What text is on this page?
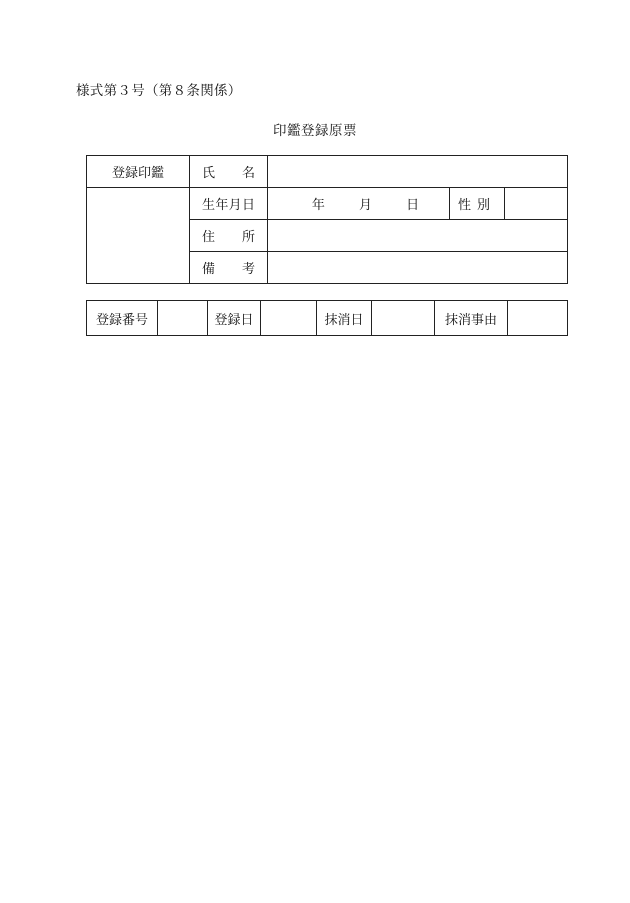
様式第３号（第８条関係）
印鑑登録原票
登録印鑑	氏　名			
	生年月日	年 月 日	性別	
	住　所			
	備　考			
登録番号		登録日		抹消日		抹消事由	
